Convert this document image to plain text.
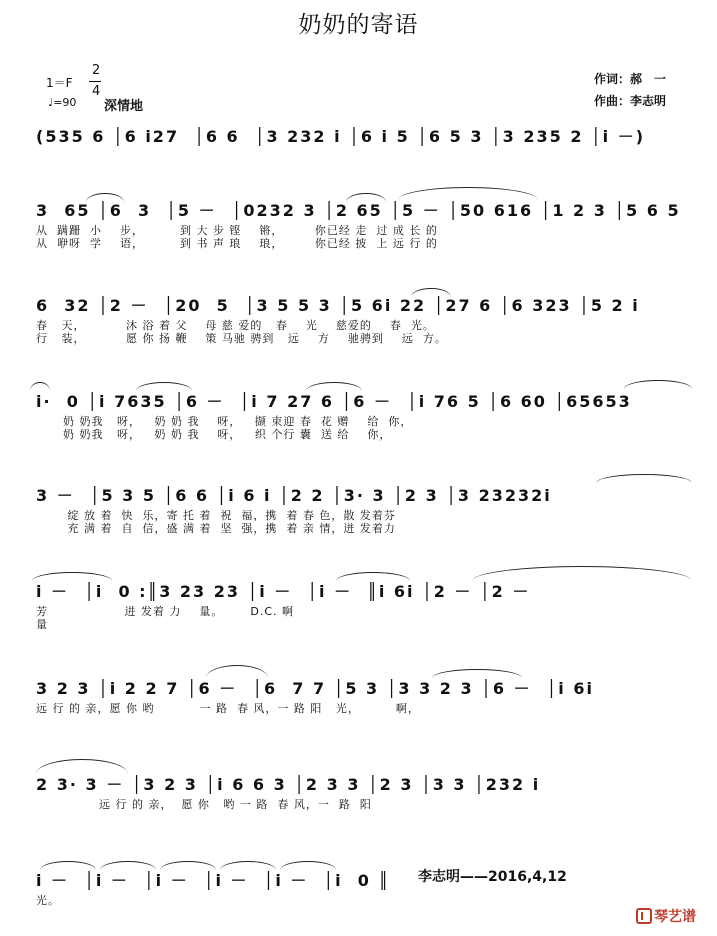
奶奶的寄语
1＝F
2
4
♩=90 深情地
作词：郝　一
作曲：李志明
(535 6 │6 i27  │6 6  │3 232 i │6 i 5 │6 5 3 │3 235 2 │i －)
3  65 │6  3  │5 －  │0232 3 │2 65 │5 － │50 616 │1 2 3 │5 6 5
从  蹒跚  小    步，        到 大 步 铿    锵，       你已经 走  过 成 长 的
从  咿呀  学    语，        到 书 声 琅    琅，       你已经 披  上 远 行 的
6  32 │2 －  │20  5  │3 5 5 3 │5 6i 22 │27 6 │6 323 │5 2 i
春   天，         沐 浴 着 父    母 慈 爱的   春    光    慈爱的    春  光。
行   装，         愿 你 扬 鞭    策 马驰 骋到   远    方    驰骋到    远  方。
i·  0 │i 7635 │6 －  │i 7 27 6 │6 －  │i 76 5 │6 60 │65653
奶 奶我   呀，   奶 奶 我    呀，   撷 束迎 春  花 赠    给  你，
奶 奶我   呀，   奶 奶 我    呀，   织 个行 囊  送 给    你，
3 －  │5 3 5 │6 6 │i 6 i │2 2 │3· 3 │2 3 │3 23232i
绽 放 着  快  乐，寄 托 着  祝  福，携  着 春 色，散 发着芬
充 满 着  自  信，盛 满 着  坚  强，携  着 亲 情，迸 发着力
i －  │i  0 :║3 23 23 │i －  │i －  ║i 6i │2 － │2 －
芳                 进 发着 力    量。      D.C. 啊
量
3 2 3 │i 2 2 7 │6 －  │6  7 7 │5 3 │3 3 2 3 │6 －  │i 6i
远 行 的 亲，愿 你 哟          一 路  春 风，一 路 阳   光，        啊，
2 3· 3 － │3 2 3 │i 6 6 3 │2 3 3 │2 3 │3 3 │232 i
远 行 的 亲，  愿 你   哟 一 路  春 风，一  路  阳
i －  │i －  │i －  │i －  │i －  │i  0 ║
光。
李志明——2016,4,12
琴艺谱
